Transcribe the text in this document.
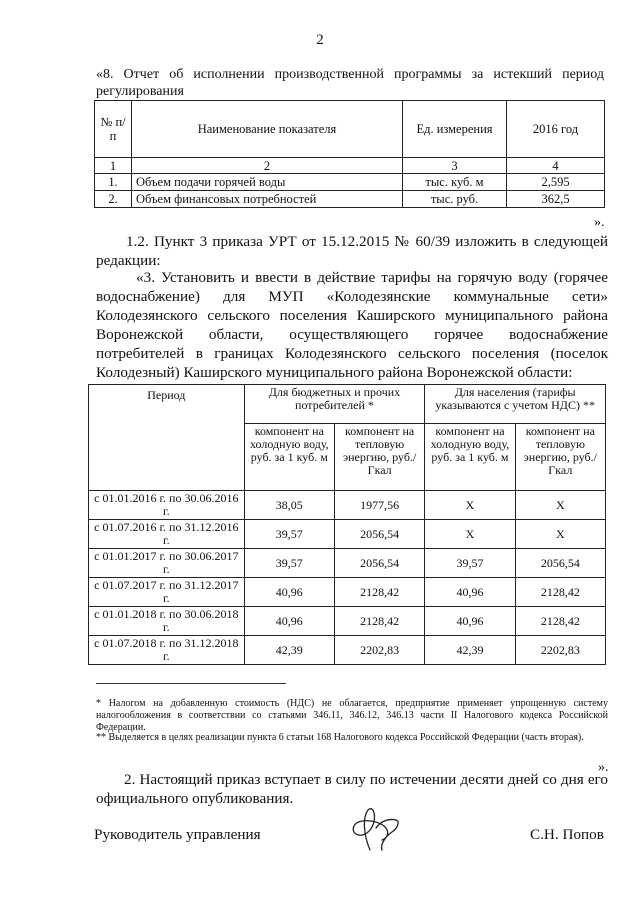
2
«8. Отчет об исполнении производственной программы за истекший период регулирования
№ п/п	Наименование показателя	Ед. измерения	2016 год
1	2	3	4
1.	Объем подачи горячей воды	тыс. куб. м	2,595
2.	Объем финансовых потребностей	тыс. руб.	362,5
».
1.2. Пункт 3 приказа УРТ от 15.12.2015 № 60/39 изложить в следующей редакции:
«3. Установить и ввести в действие тарифы на горячую воду (горячее водоснабжение) для МУП «Колодезянские коммунальные сети» Колодезянского сельского поселения Каширского муниципального района Воронежской области, осуществляющего горячее водоснабжение потребителей в границах Колодезянского сельского поселения (поселок Колодезный) Каширского муниципального района Воронежской области:
Период	Для бюджетных и прочих потребителей *		Для населения (тарифы указываются с учетом НДС) **	
	компонент на холодную воду, руб. за 1 куб. м	компонент на тепловую энергию, руб./Гкал	компонент на холодную воду, руб. за 1 куб. м	компонент на тепловую энергию, руб./Гкал
с 01.01.2016 г. по 30.06.2016 г.	38,05	1977,56	X	X
с 01.07.2016 г. по 31.12.2016 г.	39,57	2056,54	X	X
с 01.01.2017 г. по 30.06.2017 г.	39,57	2056,54	39,57	2056,54
с 01.07.2017 г. по 31.12.2017 г.	40,96	2128,42	40,96	2128,42
с 01.01.2018 г. по 30.06.2018 г.	40,96	2128,42	40,96	2128,42
с 01.07.2018 г. по 31.12.2018 г.	42,39	2202,83	42,39	2202,83
* Налогом на добавленную стоимость (НДС) не облагается, предприятие применяет упрощенную систему налогообложения в соответствии со статьями 346.11, 346.12, 346.13 части II Налогового кодекса Российской Федерации.
** Выделяется в целях реализации пункта 6 статьи 168 Налогового кодекса Российской Федерации (часть вторая).
».
2. Настоящий приказ вступает в силу по истечении десяти дней со дня его официального опубликования.
Руководитель управления	С.Н. Попов
